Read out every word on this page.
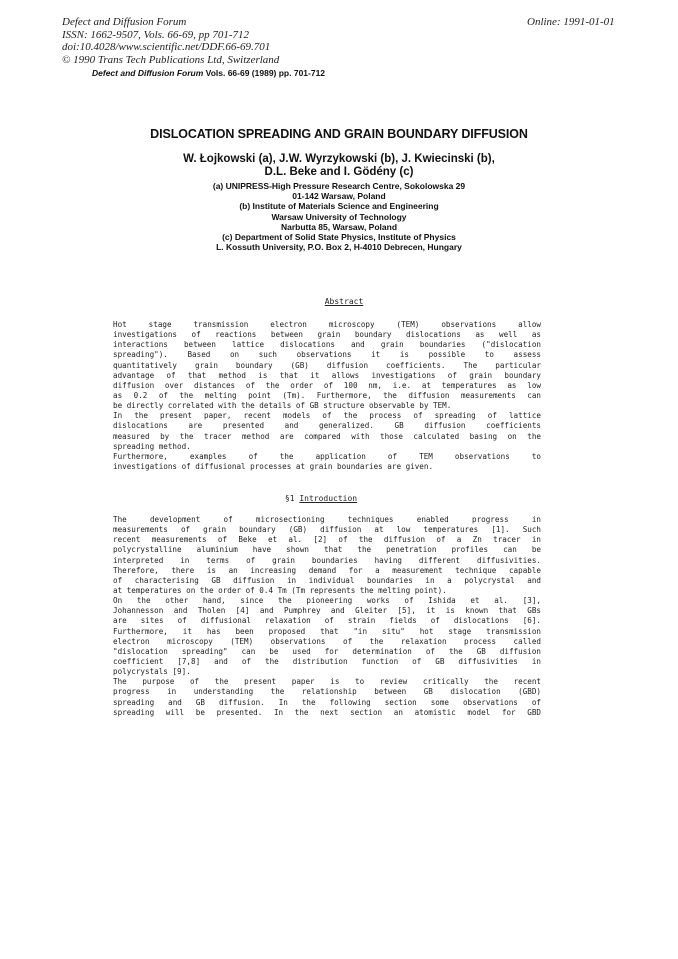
Defect and Diffusion Forum
ISSN: 1662-9507, Vols. 66-69, pp 701-712
doi:10.4028/www.scientific.net/DDF.66-69.701
© 1990 Trans Tech Publications Ltd, Switzerland
Online: 1991-01-01
Defect and Diffusion Forum Vols. 66-69 (1989) pp. 701-712
DISLOCATION SPREADING AND GRAIN BOUNDARY DIFFUSION
W. Łojkowski (a), J.W. Wyrzykowski (b), J. Kwiecinski (b),
D.L. Beke and I. Gödény (c)
(a) UNIPRESS-High Pressure Research Centre, Sokolowska 29
01-142 Warsaw, Poland
(b) Institute of Materials Science and Engineering
Warsaw University of Technology
Narbutta 85, Warsaw, Poland
(c) Department of Solid State Physics, Institute of Physics
L. Kossuth University, P.O. Box 2, H-4010 Debrecen, Hungary
Abstract
Hot stage transmission electron microscopy (TEM) observations allow
investigations of reactions between grain boundary dislocations as well as
interactions between lattice dislocations and grain boundaries ("dislocation
spreading"). Based on such observations it is possible to assess
quantitatively grain boundary (GB) diffusion coefficients. The particular
advantage of that method is that it allows investigations of grain boundary
diffusion over distances of the order of 100 nm, i.e. at temperatures as low
as 0.2 of the melting point (Tm). Furthermore, the diffusion measurements can
be directly correlated with the details of GB structure observable by TEM.
In the present paper, recent models of the process of spreading of lattice
dislocations are presented and generalized. GB diffusion coefficients
measured by the tracer method are compared with those calculated basing on the
spreading method.
Furthermore, examples of the application of TEM observations to
investigations of diffusional processes at grain boundaries are given.
§1 Introduction
The development of microsectioning techniques enabled progress in
measurements of grain boundary (GB) diffusion at low temperatures [1]. Such
recent measurements of Beke et al. [2] of the diffusion of a Zn tracer in
polycrystalline aluminium have shown that the penetration profiles can be
interpreted in terms of grain boundaries having different diffusivities.
Therefore, there is an increasing demand for a measurement technique capable
of characterising GB diffusion in individual boundaries in a polycrystal and
at temperatures on the order of 0.4 Tm (Tm represents the melting point).
On the other hand, since the pioneering works of Ishida et al. [3],
Johannesson and Tholen [4] and Pumphrey and Gleiter [5], it is known that GBs
are sites of diffusional relaxation of strain fields of dislocations [6].
Furthermore, it has been proposed that "in situ" hot stage transmission
electron microscopy (TEM) observations of the relaxation process called
"dislocation spreading" can be used for determination of the GB diffusion
coefficient [7,8] and of the distribution function of GB diffusivities in
polycrystals [9].
The purpose of the present paper is to review critically the recent
progress in understanding the relationship between GB dislocation (GBD)
spreading and GB diffusion. In the following section some observations of
spreading will be presented. In the next section an atomistic model for GBD
